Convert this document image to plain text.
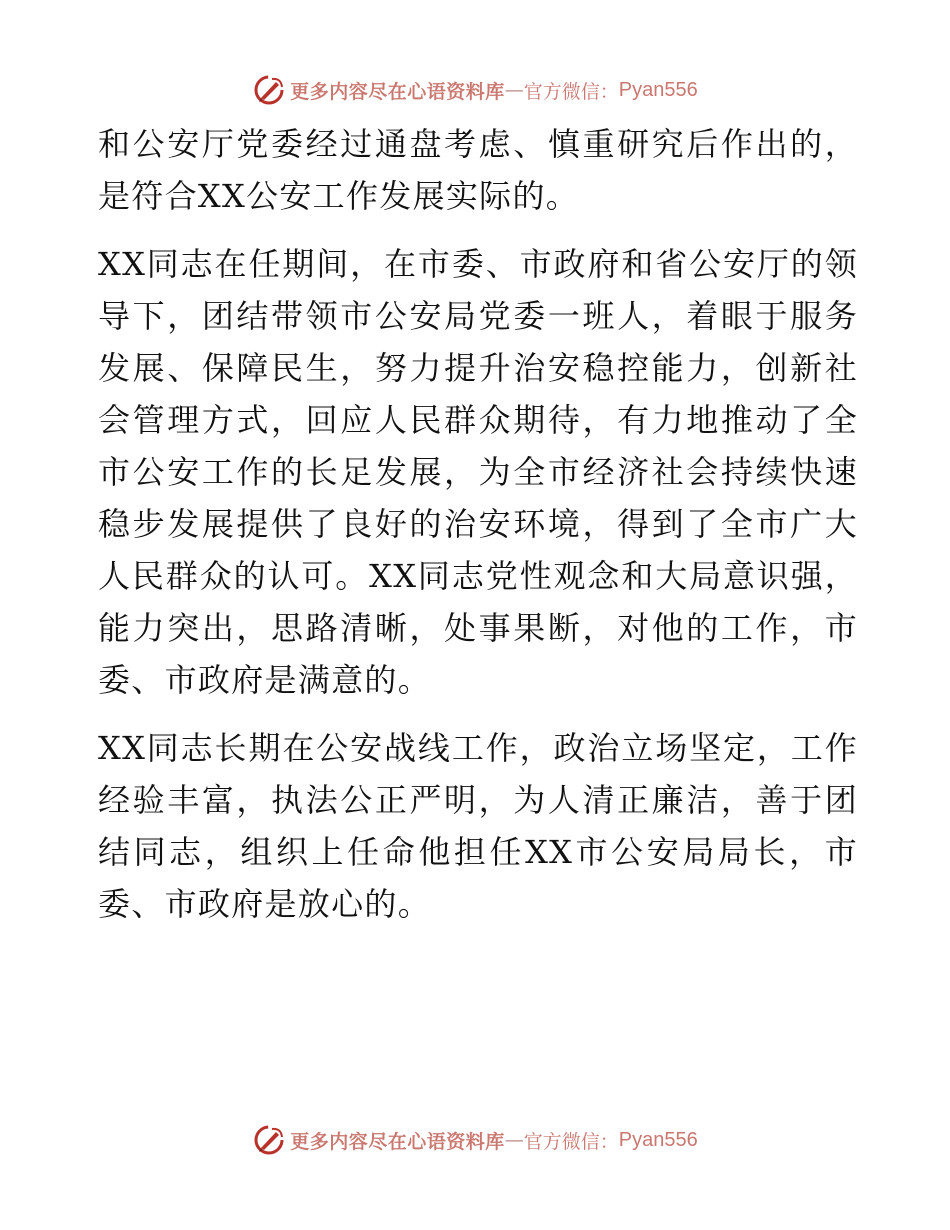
更多内容尽在心语资料库 — 官方微信： Pyan556

和公安厅党委经过通盘考虑、慎重研究后作出的，是符合XX公安工作发展实际的。

XX同志在任期间，在市委、市政府和省公安厅的领导下，团结带领市公安局党委一班人，着眼于服务发展、保障民生，努力提升治安稳控能力，创新社会管理方式，回应人民群众期待，有力地推动了全市公安工作的长足发展，为全市经济社会持续快速稳步发展提供了良好的治安环境，得到了全市广大人民群众的认可。XX同志党性观念和大局意识强，能力突出，思路清晰，处事果断，对他的工作，市委、市政府是满意的。

XX同志长期在公安战线工作，政治立场坚定，工作经验丰富，执法公正严明，为人清正廉洁，善于团结同志，组织上任命他担任XX市公安局局长，市委、市政府是放心的。

更多内容尽在心语资料库 — 官方微信： Pyan556
